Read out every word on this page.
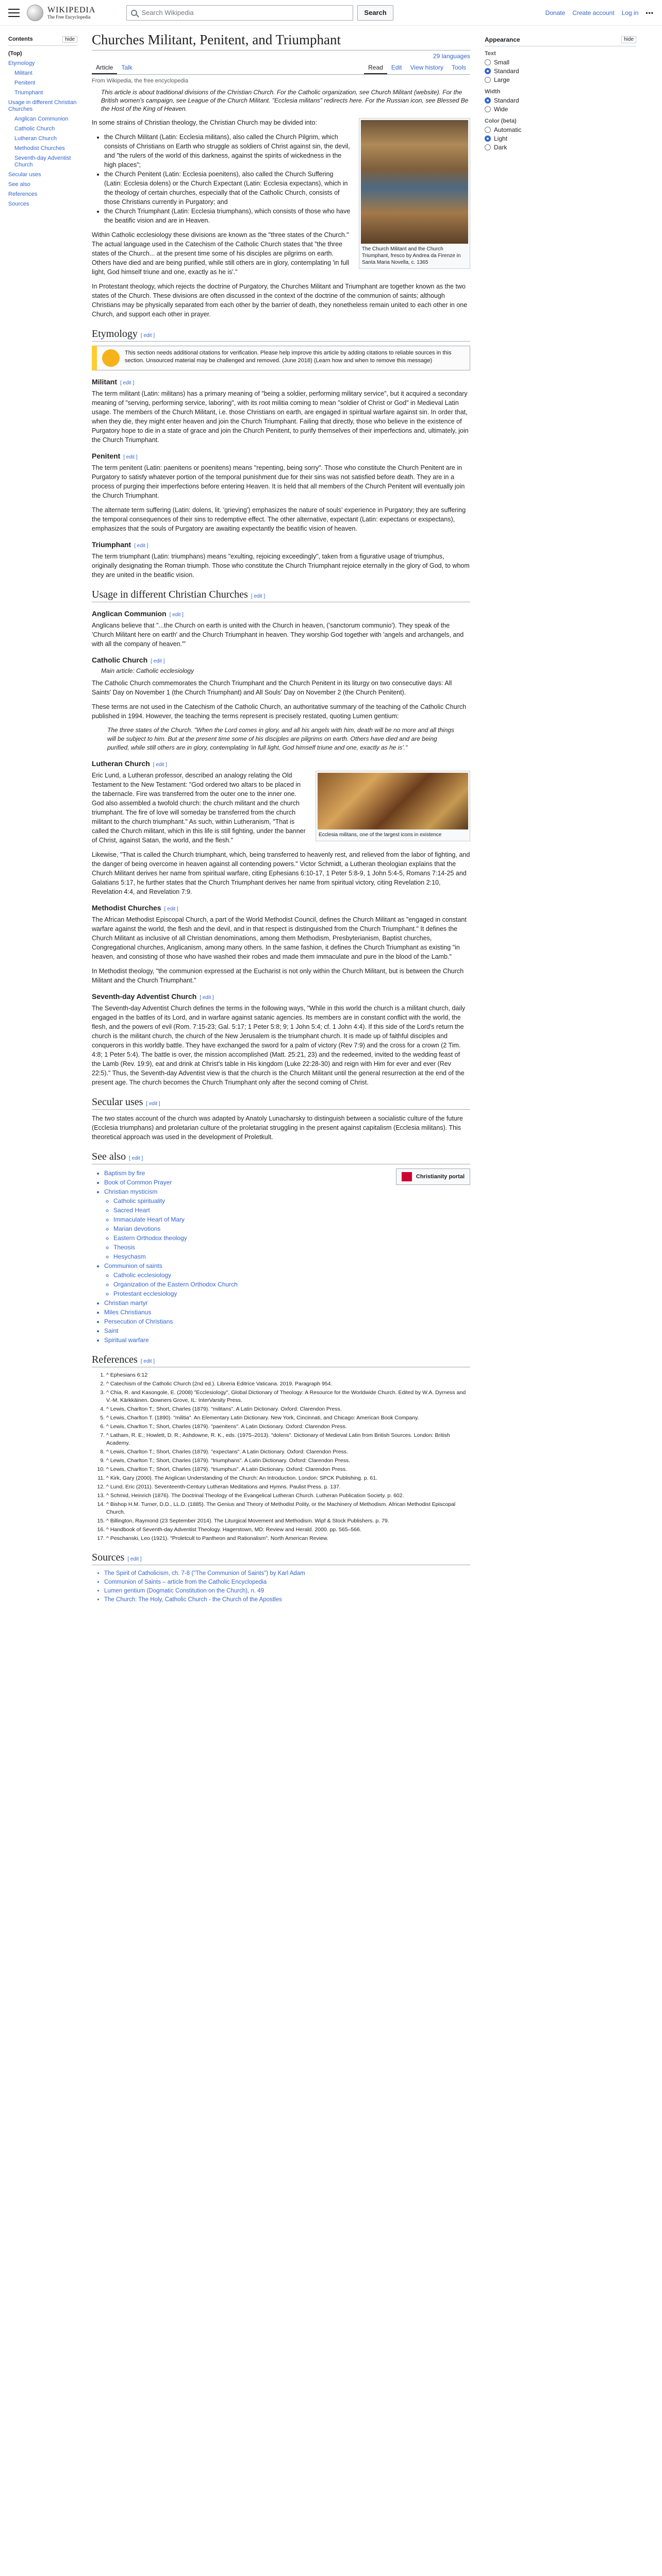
WIKIPEDIA
The Free Encyclopedia
Search Wikipedia	Search	Donate Create account Log in •••
Contents	hide
(Top)
Etymology
Militant
Penitent
Triumphant
Usage in different Christian Churches
Anglican Communion
Catholic Church
Lutheran Church
Methodist Churches
Seventh-day Adventist Church
Secular uses
See also
References
Sources
Churches Militant, Penitent, and Triumphant
29 languages
Article	Talk	Read	Edit	View history	Tools
From Wikipedia, the free encyclopedia
This article is about traditional divisions of the Christian Church. For the Catholic organization, see Church Militant (website). For the British women's campaign, see League of the Church Militant. "Ecclesia militans" redirects here. For the Russian icon, see Blessed Be the Host of the King of Heaven.
The Church Militant and the Church Triumphant, fresco by Andrea da Firenze in Santa Maria Novella, c. 1365

In some strains of Christian theology, the Christian Church may be divided into:

• the Church Militant (Latin: Ecclesia militans), also called the Church Pilgrim, which consists of Christians on Earth who struggle as soldiers of Christ against sin, the devil, and "the rulers of the world of this darkness, against the spirits of wickedness in the high places";
• the Church Penitent (Latin: Ecclesia poenitens), also called the Church Suffering (Latin: Ecclesia dolens) or the Church Expectant (Latin: Ecclesia expectans), which in the theology of certain churches, especially that of the Catholic Church, consists of those Christians currently in Purgatory; and
• the Church Triumphant (Latin: Ecclesia triumphans), which consists of those who have the beatific vision and are in Heaven.

Within Catholic ecclesiology these divisions are known as the "three states of the Church." The actual language used in the Catechism of the Catholic Church states that "the three states of the Church... at the present time some of his disciples are pilgrims on earth. Others have died and are being purified, while still others are in glory, contemplating 'in full light, God himself triune and one, exactly as he is'."

In Protestant theology, which rejects the doctrine of Purgatory, the Churches Militant and Triumphant are together known as the two states of the Church. These divisions are often discussed in the context of the doctrine of the communion of saints; although Christians may be physically separated from each other by the barrier of death, they nonetheless remain united to each other in one Church, and support each other in prayer.

Etymology [ edit ]
This section needs additional citations for verification. Please help improve this article by adding citations to reliable sources in this section. Unsourced material may be challenged and removed. (June 2018) (Learn how and when to remove this message)
Militant [ edit ]

The term militant (Latin: militans) has a primary meaning of "being a soldier, performing military service", but it acquired a secondary meaning of "serving, performing service, laboring", with its root militia coming to mean "soldier of Christ or God" in Medieval Latin usage. The members of the Church Militant, i.e. those Christians on earth, are engaged in spiritual warfare against sin. In order that, when they die, they might enter heaven and join the Church Triumphant. Failing that directly, those who believe in the existence of Purgatory hope to die in a state of grace and join the Church Penitent, to purify themselves of their imperfections and, ultimately, join the Church Triumphant.

Penitent [ edit ]

The term penitent (Latin: paenitens or poenitens) means "repenting, being sorry". Those who constitute the Church Penitent are in Purgatory to satisfy whatever portion of the temporal punishment due for their sins was not satisfied before death. They are in a process of purging their imperfections before entering Heaven. It is held that all members of the Church Penitent will eventually join the Church Triumphant.

The alternate term suffering (Latin: dolens, lit. 'grieving') emphasizes the nature of souls' experience in Purgatory; they are suffering the temporal consequences of their sins to redemptive effect. The other alternative, expectant (Latin: expectans or exspectans), emphasizes that the souls of Purgatory are awaiting expectantly the beatific vision of heaven.

Triumphant [ edit ]

The term triumphant (Latin: triumphans) means "exulting, rejoicing exceedingly", taken from a figurative usage of triumphus, originally designating the Roman triumph. Those who constitute the Church Triumphant rejoice eternally in the glory of God, to whom they are united in the beatific vision.

Usage in different Christian Churches [ edit ]
Anglican Communion [ edit ]

Anglicans believe that "...the Church on earth is united with the Church in heaven, ('sanctorum communio'). They speak of the 'Church Militant here on earth' and the Church Triumphant in heaven. They worship God together with 'angels and archangels, and with all the company of heaven.'"

Catholic Church [ edit ]
Main article: Catholic ecclesiology

The Catholic Church commemorates the Church Triumphant and the Church Penitent in its liturgy on two consecutive days: All Saints' Day on November 1 (the Church Triumphant) and All Souls' Day on November 2 (the Church Penitent).

These terms are not used in the Catechism of the Catholic Church, an authoritative summary of the teaching of the Catholic Church published in 1994. However, the teaching the terms represent is precisely restated, quoting Lumen gentium:

The three states of the Church. "When the Lord comes in glory, and all his angels with him, death will be no more and all things will be subject to him. But at the present time some of his disciples are pilgrims on earth. Others have died and are being purified, while still others are in glory, contemplating 'in full light, God himself triune and one, exactly as he is'."
Lutheran Church [ edit ]
Ecclesia militans, one of the largest icons in existence

Eric Lund, a Lutheran professor, described an analogy relating the Old Testament to the New Testament: "God ordered two altars to be placed in the tabernacle. Fire was transferred from the outer one to the inner one. God also assembled a twofold church: the church militant and the church triumphant. The fire of love will someday be transferred from the church militant to the church triumphant." As such, within Lutheranism, "That is called the Church militant, which in this life is still fighting, under the banner of Christ, against Satan, the world, and the flesh."

Likewise, "That is called the Church triumphant, which, being transferred to heavenly rest, and relieved from the labor of fighting, and the danger of being overcome in heaven against all contending powers." Victor Schmidt, a Lutheran theologian explains that the Church Militant derives her name from spiritual warfare, citing Ephesians 6:10-17, 1 Peter 5:8-9, 1 John 5:4-5, Romans 7:14-25 and Galatians 5:17, he further states that the Church Triumphant derives her name from spiritual victory, citing Revelation 2:10, Revelation 4:4, and Revelation 7:9.

Methodist Churches [ edit ]

The African Methodist Episcopal Church, a part of the World Methodist Council, defines the Church Militant as "engaged in constant warfare against the world, the flesh and the devil, and in that respect is distinguished from the Church Triumphant." It defines the Church Militant as inclusive of all Christian denominations, among them Methodism, Presbyterianism, Baptist churches, Congregational churches, Anglicanism, among many others. In the same fashion, it defines the Church Triumphant as existing "in heaven, and consisting of those who have washed their robes and made them immaculate and pure in the blood of the Lamb."

In Methodist theology, "the communion expressed at the Eucharist is not only within the Church Militant, but is between the Church Militant and the Church Triumphant."

Seventh-day Adventist Church [ edit ]

The Seventh-day Adventist Church defines the terms in the following ways, "While in this world the church is a militant church, daily engaged in the battles of its Lord, and in warfare against satanic agencies. Its members are in constant conflict with the world, the flesh, and the powers of evil (Rom. 7:15-23; Gal. 5:17; 1 Peter 5:8; 9; 1 John 5:4; cf. 1 John 4:4). If this side of the Lord's return the church is the militant church, the church of the New Jerusalem is the triumphant church. It is made up of faithful disciples and conquerors in this worldly battle. They have exchanged the sword for a palm of victory (Rev 7:9) and the cross for a crown (2 Tim. 4:8; 1 Peter 5:4). The battle is over, the mission accomplished (Matt. 25:21, 23) and the redeemed, invited to the wedding feast of the Lamb (Rev. 19:9), eat and drink at Christ's table in His kingdom (Luke 22:28-30) and reign with Him for ever and ever (Rev 22:5)." Thus, the Seventh-day Adventist view is that the church is the Church Militant until the general resurrection at the end of the present age. The church becomes the Church Triumphant only after the second coming of Christ.

Secular uses [ edit ]

The two states account of the church was adapted by Anatoly Lunacharsky to distinguish between a socialistic culture of the future (Ecclesia triumphans) and proletarian culture of the proletariat struggling in the present against capitalism (Ecclesia militans). This theoretical approach was used in the development of Proletkult.

See also [ edit ]
• Baptism by fire
• Book of Common Prayer
• Christian mysticism
◦ Catholic spirituality
◦ Sacred Heart
◦ Immaculate Heart of Mary
◦ Marian devotions
◦ Eastern Orthodox theology
◦ Theosis
◦ Hesychasm
• Communion of saints
◦ Catholic ecclesiology
◦ Organization of the Eastern Orthodox Church
◦ Protestant ecclesiology
• Christian martyr
• Miles Christianus
• Persecution of Christians
• Saint
• Spiritual warfare
Christianity portal
References [ edit ]
1. ^ Ephesians 6:12
2. ^ Catechism of the Catholic Church (2nd ed.). Libreria Editrice Vaticana. 2019. Paragraph 954.
3. ^ Chia, R. and Kasongole, E. (2008) "Ecclesiology", Global Dictionary of Theology: A Resource for the Worldwide Church. Edited by W.A. Dyrness and V.-M. Kärkkäinen. Downers Grove, IL: InterVarsity Press.
4. ^ Lewis, Charlton T.; Short, Charles (1879). "militans". A Latin Dictionary. Oxford: Clarendon Press.
5. ^ Lewis, Charlton T. (1890). "militia". An Elementary Latin Dictionary. New York, Cincinnati, and Chicago: American Book Company.
6. ^ Lewis, Charlton T.; Short, Charles (1879). "paenitens". A Latin Dictionary. Oxford: Clarendon Press.
7. ^ Latham, R. E.; Howlett, D. R.; Ashdowne, R. K., eds. (1975–2013). "dolens". Dictionary of Medieval Latin from British Sources. London: British Academy.
8. ^ Lewis, Charlton T.; Short, Charles (1879). "expectans". A Latin Dictionary. Oxford: Clarendon Press.
9. ^ Lewis, Charlton T.; Short, Charles (1879). "triumphans". A Latin Dictionary. Oxford: Clarendon Press.
10. ^ Lewis, Charlton T.; Short, Charles (1879). "triumphus". A Latin Dictionary. Oxford: Clarendon Press.
11. ^ Kirk, Gary (2000). The Anglican Understanding of the Church: An Introduction. London: SPCK Publishing. p. 61.
12. ^ Lund, Eric (2011). Seventeenth-Century Lutheran Meditations and Hymns. Paulist Press. p. 137.
13. ^ Schmid, Heinrich (1876). The Doctrinal Theology of the Evangelical Lutheran Church. Lutheran Publication Society. p. 602.
14. ^ Bishop H.M. Turner, D.D., LL.D. (1885). The Genius and Theory of Methodist Polity, or the Machinery of Methodism. African Methodist Episcopal Church.
15. ^ Billington, Raymond (23 September 2014). The Liturgical Movement and Methodism. Wipf & Stock Publishers. p. 79.
16. ^ Handbook of Seventh-day Adventist Theology. Hagerstown, MD: Review and Herald. 2000. pp. 565–566.
17. ^ Peschanski, Leo (1921). "Proletcult to Pantheon and Rationalism". North American Review.
Sources [ edit ]
• The Spirit of Catholicism, ch. 7-8 ("The Communion of Saints") by Karl Adam
• Communion of Saints – article from the Catholic Encyclopedia
• Lumen gentium (Dogmatic Constitution on the Church), n. 49
• The Church: The Holy, Catholic Church - the Church of the Apostles
Appearance	hide
Text
Small
Standard
Large
Width
Standard
Wide
Color (beta)
Automatic
Light
Dark
